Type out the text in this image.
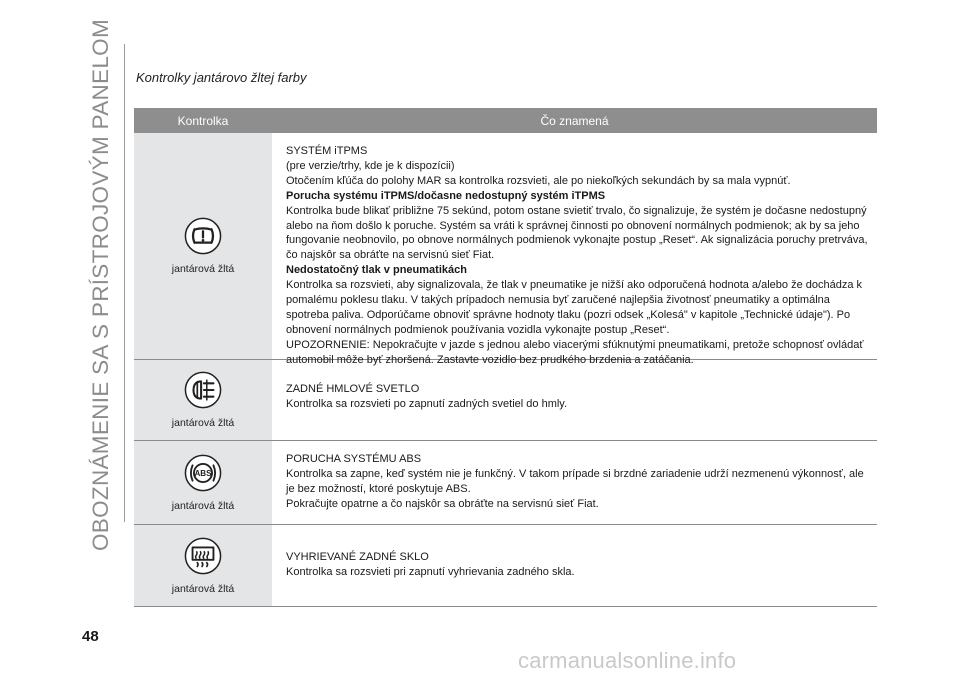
OBOZNÁMENIE SA S PRÍSTROJOVÝM PANELOM Kontrolky jantárovo žltej farby
Kontrolka	Čo znamená
jantárová žltá

SYSTÉM iTPMS

(pre verzie/trhy, kde je k dispozícii)

Otočením kľúča do polohy MAR sa kontrolka rozsvieti, ale po niekoľkých sekundách by sa mala vypnúť.

Porucha systému iTPMS/dočasne nedostupný systém iTPMS

Kontrolka bude blikať približne 75 sekúnd, potom ostane svietiť trvalo, čo signalizuje, že systém je dočasne nedostupný alebo na ňom došlo k poruche. Systém sa vráti k správnej činnosti po obnovení normálnych podmienok; ak by sa jeho fungovanie neobnovilo, po obnove normálnych podmienok vykonajte postup „Reset“. Ak signalizácia poruchy pretrváva, čo najskôr sa obráťte na servisnú sieť Fiat.

Nedostatočný tlak v pneumatikách

Kontrolka sa rozsvieti, aby signalizovala, že tlak v pneumatike je nižší ako odporučená hodnota a/alebo že dochádza k pomalému poklesu tlaku. V takých prípadoch nemusia byť zaručené najlepšia životnosť pneumatiky a optimálna spotreba paliva. Odporúčame obnoviť správne hodnoty tlaku (pozri odsek „Kolesá" v kapitole „Technické údaje"). Po obnovení normálnych podmienok používania vozidla vykonajte postup „Reset“.

UPOZORNENIE: Nepokračujte v jazde s jednou alebo viacerými sfúknutými pneumatikami, pretože schopnosť ovládať automobil môže byť zhoršená. Zastavte vozidlo bez prudkého brzdenia a zatáčania.

jantárová žltá

ZADNÉ HMLOVÉ SVETLO

Kontrolka sa rozsvieti po zapnutí zadných svetiel do hmly.

ABS
jantárová žltá

PORUCHA SYSTÉMU ABS

Kontrolka sa zapne, keď systém nie je funkčný. V takom prípade si brzdné zariadenie udrží nezmenenú výkonnosť, ale je bez možností, ktoré poskytuje ABS.

Pokračujte opatrne a čo najskôr sa obráťte na servisnú sieť Fiat.

jantárová žltá

VYHRIEVANÉ ZADNÉ SKLO

Kontrolka sa rozsvieti pri zapnutí vyhrievania zadného skla.

48
carmanualsonline.info
